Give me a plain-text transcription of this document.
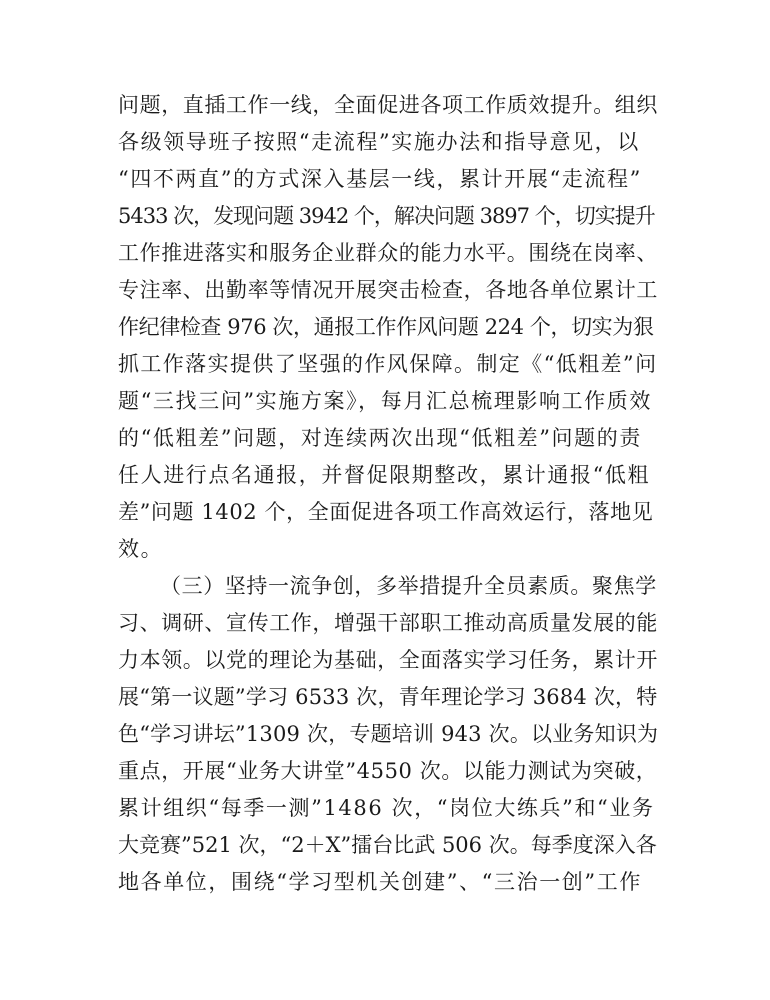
问题，直插工作一线，全面促进各项工作质效提升。组织
各级领导班子按照“走流程”实施办法和指导意见，以
“四不两直”的方式深入基层一线，累计开展“走流程”
5433 次，发现问题 3942 个，解决问题 3897 个，切实提升
工作推进落实和服务企业群众的能力水平。围绕在岗率、
专注率、出勤率等情况开展突击检查，各地各单位累计工
作纪律检查 976 次，通报工作作风问题 224 个，切实为狠
抓工作落实提供了坚强的作风保障。制定《“低粗差”问
题“三找三问”实施方案》，每月汇总梳理影响工作质效
的“低粗差”问题，对连续两次出现“低粗差”问题的责
任人进行点名通报，并督促限期整改，累计通报“低粗
差”问题 1402 个，全面促进各项工作高效运行，落地见
效。
（三）坚持一流争创，多举措提升全员素质。聚焦学
习、调研、宣传工作，增强干部职工推动高质量发展的能
力本领。以党的理论为基础，全面落实学习任务，累计开
展“第一议题”学习 6533 次，青年理论学习 3684 次，特
色“学习讲坛”1309 次，专题培训 943 次。以业务知识为
重点，开展“业务大讲堂”4550 次。以能力测试为突破，
累计组织“每季一测”1486 次，“岗位大练兵”和“业务
大竞赛”521 次，“2＋X”擂台比武 506 次。每季度深入各
地各单位，围绕“学习型机关创建”、“三治一创”工作
